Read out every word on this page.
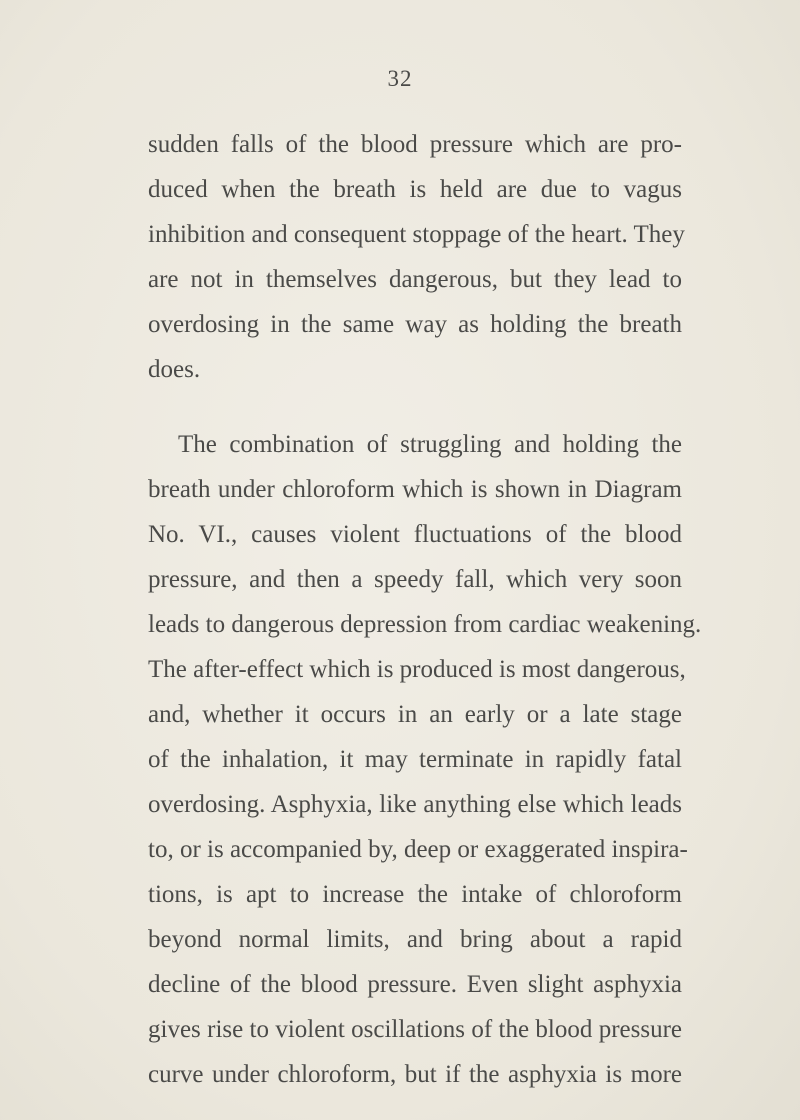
32
sudden falls of the blood pressure which are pro-
duced when the breath is held are due to vagus
inhibition and consequent stoppage of the heart. They
are not in themselves dangerous, but they lead to
overdosing in the same way as holding the breath
does.
The combination of struggling and holding the
breath under chloroform which is shown in Diagram
No. VI., causes violent fluctuations of the blood
pressure, and then a speedy fall, which very soon
leads to dangerous depression from cardiac weakening.
The after-effect which is produced is most dangerous,
and, whether it occurs in an early or a late stage
of the inhalation, it may terminate in rapidly fatal
overdosing. Asphyxia, like anything else which leads
to, or is accompanied by, deep or exaggerated inspira-
tions, is apt to increase the intake of chloroform
beyond normal limits, and bring about a rapid
decline of the blood pressure. Even slight asphyxia
gives rise to violent oscillations of the blood pressure
curve under chloroform, but if the asphyxia is more
